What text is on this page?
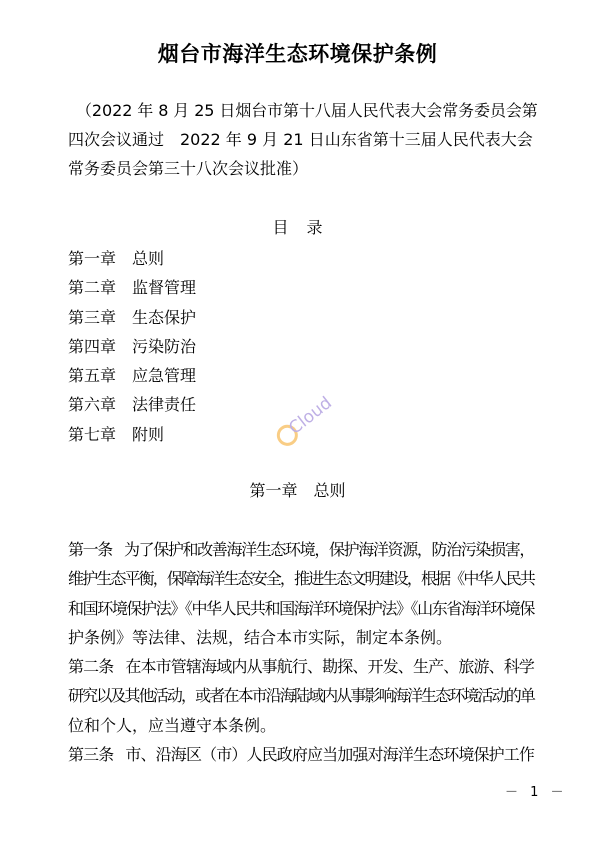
烟台市海洋生态环境保护条例
（2022 年 8 月 25 日烟台市第十八届人民代表大会常务委员会第
四次会议通过　2022 年 9 月 21 日山东省第十三届人民代表大会
常务委员会第三十八次会议批准）
目 录
第一章 总则
第二章 监督管理
第三章 生态保护
第四章 污染防治
第五章 应急管理
第六章 法律责任
第七章 附则	Cloud
第一章 总则
第一条 为了保护和改善海洋生态环境，保护海洋资源，防治污染损害，
维护生态平衡，保障海洋生态安全，推进生态文明建设，根据《中华人民共
和国环境保护法》《中华人民共和国海洋环境保护法》《山东省海洋环境保
护条例》等法律、法规，结合本市实际，制定本条例。
第二条 在本市管辖海域内从事航行、勘探、开发、生产、旅游、科学
研究以及其他活动，或者在本市沿海陆域内从事影响海洋生态环境活动的单
位和个人，应当遵守本条例。
第三条 市、沿海区（市）人民政府应当加强对海洋生态环境保护工作
－ 1 －
